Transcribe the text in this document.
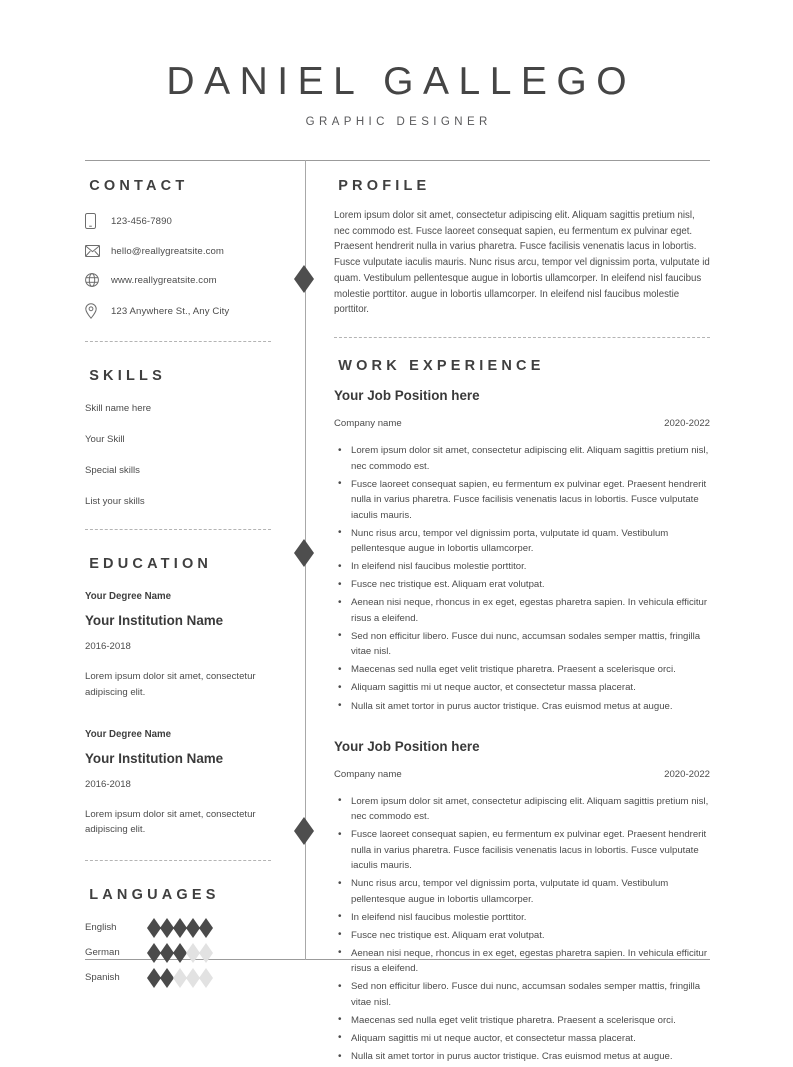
DANIEL GALLEGO
GRAPHIC DESIGNER
CONTACT
123-456-7890
hello@reallygreatsite.com
www.reallygreatsite.com
123 Anywhere St., Any City
SKILLS
Skill name here
Your Skill
Special skills
List your skills
EDUCATION
Your Degree Name
Your Institution Name
2016-2018
Lorem ipsum dolor sit amet, consectetur adipiscing elit.
Your Degree Name
Your Institution Name
2016-2018
Lorem ipsum dolor sit amet, consectetur adipiscing elit.
LANGUAGES
English
German
Spanish
PROFILE
Lorem ipsum dolor sit amet, consectetur adipiscing elit. Aliquam sagittis pretium nisl, nec commodo est. Fusce laoreet consequat sapien, eu fermentum ex pulvinar eget. Praesent hendrerit nulla in varius pharetra. Fusce facilisis venenatis lacus in lobortis. Fusce vulputate iaculis mauris. Nunc risus arcu, tempor vel dignissim porta, vulputate id quam. Vestibulum pellentesque augue in lobortis ullamcorper. In eleifend nisl faucibus molestie porttitor. augue in lobortis ullamcorper. In eleifend nisl faucibus molestie porttitor.
WORK EXPERIENCE
Your Job Position here
Company name	2020-2022
• Lorem ipsum dolor sit amet, consectetur adipiscing elit. Aliquam sagittis pretium nisl, nec commodo est.
• Fusce laoreet consequat sapien, eu fermentum ex pulvinar eget. Praesent hendrerit nulla in varius pharetra. Fusce facilisis venenatis lacus in lobortis. Fusce vulputate iaculis mauris.
• Nunc risus arcu, tempor vel dignissim porta, vulputate id quam. Vestibulum pellentesque augue in lobortis ullamcorper.
• In eleifend nisl faucibus molestie porttitor.
• Fusce nec tristique est. Aliquam erat volutpat.
• Aenean nisi neque, rhoncus in ex eget, egestas pharetra sapien. In vehicula efficitur risus a eleifend.
• Sed non efficitur libero. Fusce dui nunc, accumsan sodales semper mattis, fringilla vitae nisl.
• Maecenas sed nulla eget velit tristique pharetra. Praesent a scelerisque orci.
• Aliquam sagittis mi ut neque auctor, et consectetur massa placerat.
• Nulla sit amet tortor in purus auctor tristique. Cras euismod metus at augue.
Your Job Position here
Company name	2020-2022
• Lorem ipsum dolor sit amet, consectetur adipiscing elit. Aliquam sagittis pretium nisl, nec commodo est.
• Fusce laoreet consequat sapien, eu fermentum ex pulvinar eget. Praesent hendrerit nulla in varius pharetra. Fusce facilisis venenatis lacus in lobortis. Fusce vulputate iaculis mauris.
• Nunc risus arcu, tempor vel dignissim porta, vulputate id quam. Vestibulum pellentesque augue in lobortis ullamcorper.
• In eleifend nisl faucibus molestie porttitor.
• Fusce nec tristique est. Aliquam erat volutpat.
• Aenean nisi neque, rhoncus in ex eget, egestas pharetra sapien. In vehicula efficitur risus a eleifend.
• Sed non efficitur libero. Fusce dui nunc, accumsan sodales semper mattis, fringilla vitae nisl.
• Maecenas sed nulla eget velit tristique pharetra. Praesent a scelerisque orci.
• Aliquam sagittis mi ut neque auctor, et consectetur massa placerat.
• Nulla sit amet tortor in purus auctor tristique. Cras euismod metus at augue.
